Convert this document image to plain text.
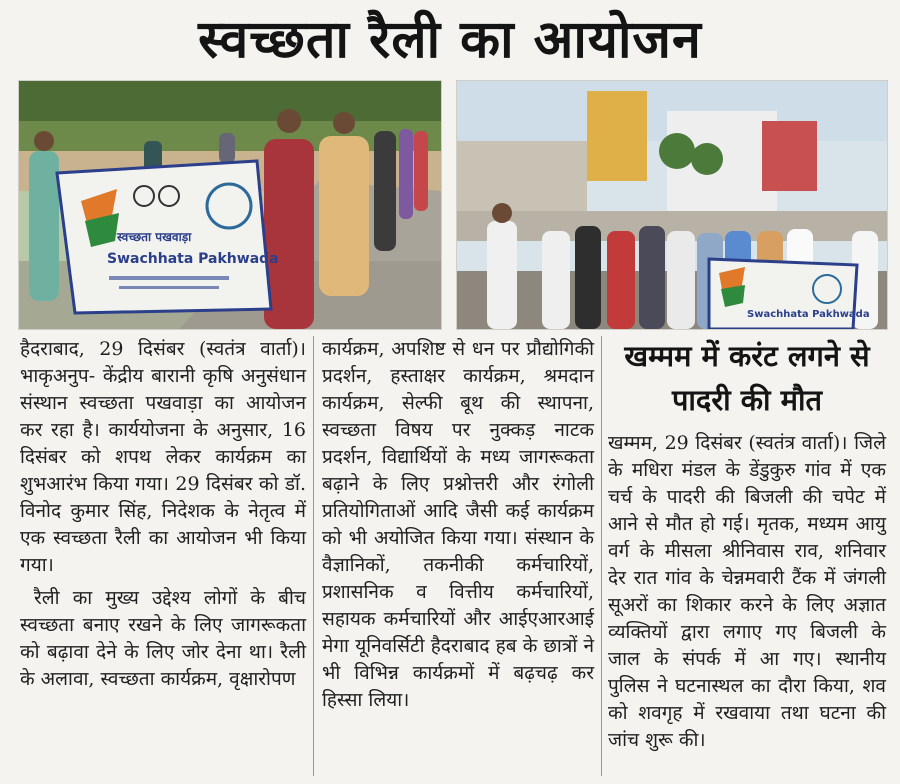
स्वच्छता रैली का आयोजन
स्वच्छता पखवाड़ा
Swachhata Pakhwada
Swachhata Pakhwada

हैदराबाद, 29 दिसंबर (स्वतंत्र वार्ता)। भाकृअनुप- केंद्रीय बारानी कृषि अनुसंधान संस्थान स्वच्छता पखवाड़ा का आयोजन कर रहा है। कार्ययोजना के अनुसार, 16 दिसंबर को शपथ लेकर कार्यक्रम का शुभआरंभ किया गया। 29 दिसंबर को डॉ. विनोद कुमार सिंह, निदेशक के नेतृत्व में एक स्वच्छता रैली का आयोजन भी किया गया।

रैली का मुख्य उद्देश्य लोगों के बीच स्वच्छता बनाए रखने के लिए जागरूकता को बढ़ावा देने के लिए जोर देना था। रैली के अलावा, स्वच्छता कार्यक्रम, वृक्षारोपण

कार्यक्रम, अपशिष्ट से धन पर प्रौद्योगिकी प्रदर्शन, हस्ताक्षर कार्यक्रम, श्रमदान कार्यक्रम, सेल्फी बूथ की स्थापना, स्वच्छता विषय पर नुक्कड़ नाटक प्रदर्शन, विद्यार्थियों के मध्य जागरूकता बढ़ाने के लिए प्रश्नोत्तरी और रंगोली प्रतियोगिताओं आदि जैसी कई कार्यक्रम को भी अयोजित किया गया। संस्थान के वैज्ञानिकों, तकनीकी कर्मचारियों, प्रशासनिक व वित्तीय कर्मचारियों, सहायक कर्मचारियों और आईएआरआई मेगा यूनिवर्सिटी हैदराबाद हब के छात्रों ने भी विभिन्न कार्यक्रमों में बढ़चढ़ कर हिस्सा लिया।

खम्मम में करंट लगने से पादरी की मौत

खम्मम, 29 दिसंबर (स्वतंत्र वार्ता)। जिले के मधिरा मंडल के डेंडुकुरु गांव में एक चर्च के पादरी की बिजली की चपेट में आने से मौत हो गई। मृतक, मध्यम आयु वर्ग के मीसला श्रीनिवास राव, शनिवार देर रात गांव के चेन्नमवारी टैंक में जंगली सूअरों का शिकार करने के लिए अज्ञात व्यक्तियों द्वारा लगाए गए बिजली के जाल के संपर्क में आ गए। स्थानीय पुलिस ने घटनास्थल का दौरा किया, शव को शवगृह में रखवाया तथा घटना की जांच शुरू की।
